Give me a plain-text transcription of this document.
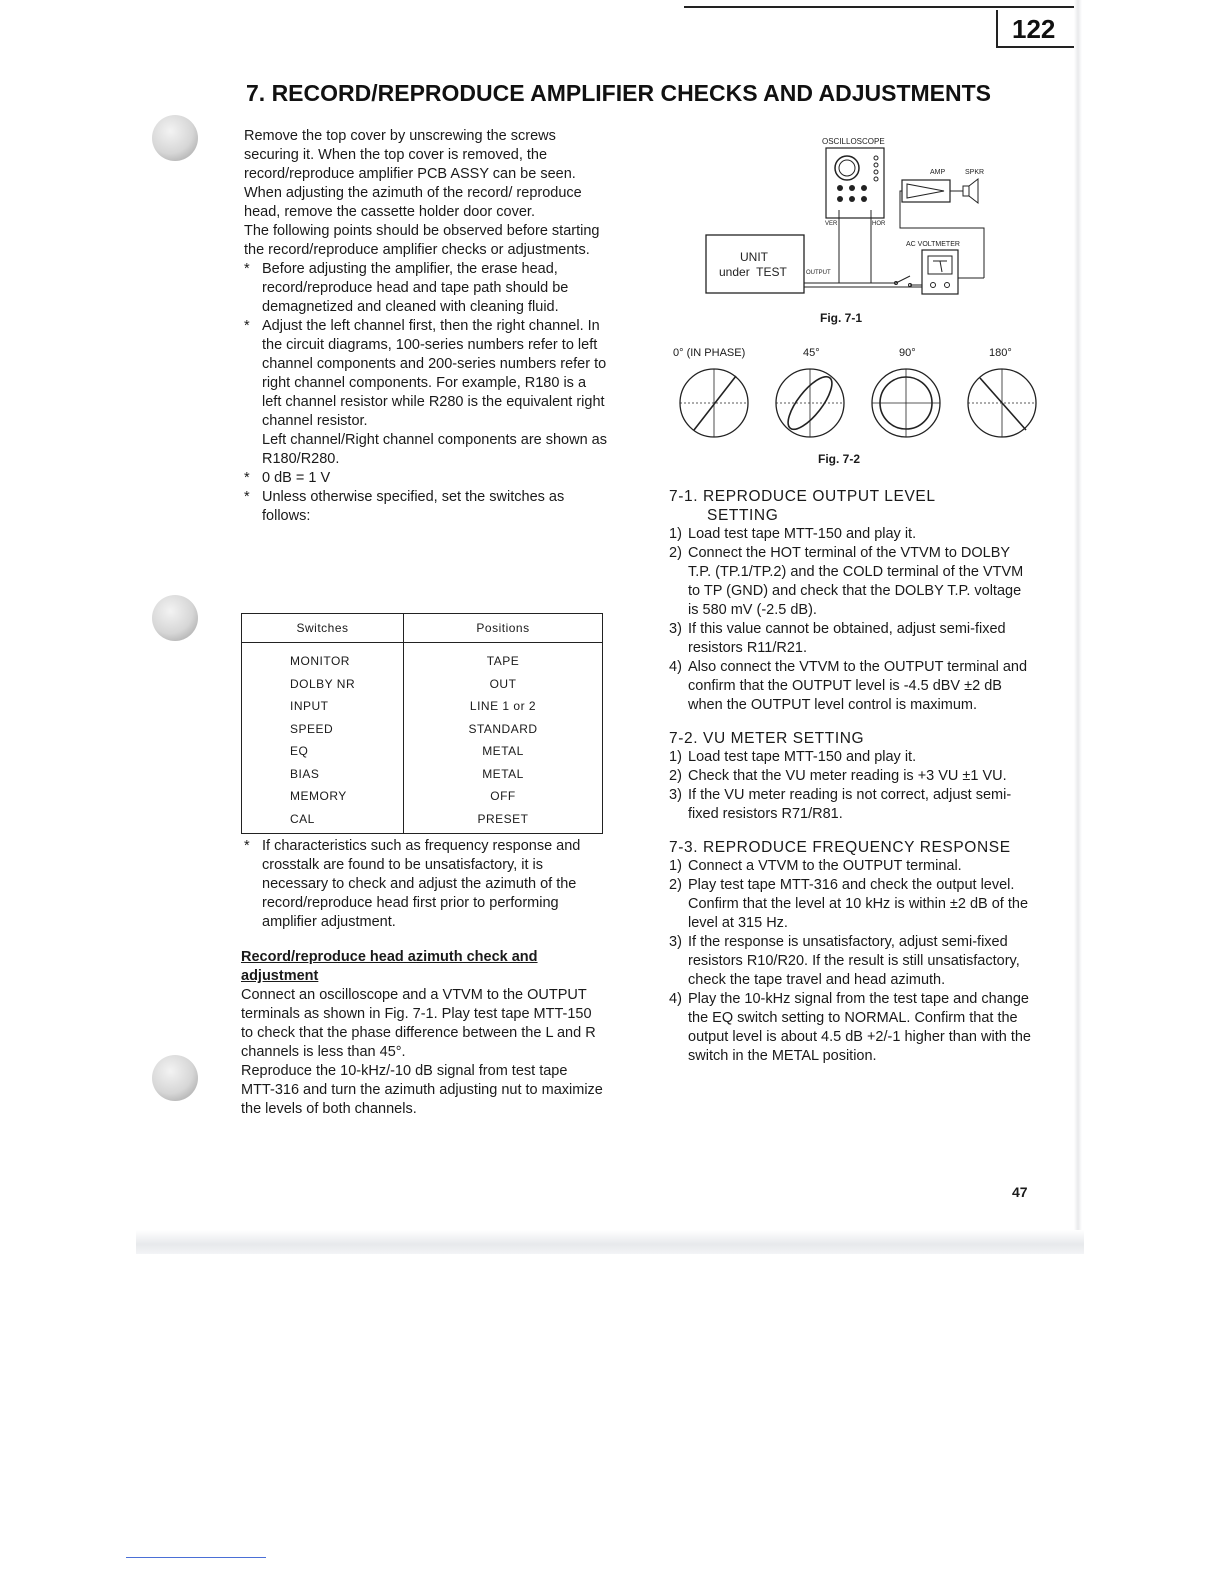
122
7. RECORD/REPRODUCE AMPLIFIER CHECKS AND ADJUSTMENTS

Remove the top cover by unscrewing the screws securing it. When the top cover is removed, the record/reproduce amplifier PCB ASSY can be seen. When adjusting the azimuth of the record/ reproduce head, remove the cassette holder door cover.

The following points should be observed before starting the record/reproduce amplifier checks or adjustments.

* Before adjusting the amplifier, the erase head, record/reproduce head and tape path should be demagnetized and cleaned with cleaning fluid.
* Adjust the left channel first, then the right channel. In the circuit diagrams, 100-series numbers refer to left channel components and 200-series numbers refer to right channel components. For example, R180 is a left channel resistor while R280 is the equivalent right channel resistor.
Left channel/Right channel components are shown as R180/R280.
* 0 dB = 1 V
* Unless otherwise specified, set the switches as follows:
Switches	Positions
MONITOR	TAPE
DOLBY NR	OUT
INPUT	LINE 1 or 2
SPEED	STANDARD
EQ	METAL
BIAS	METAL
MEMORY	OFF
CAL	PRESET
* If characteristics such as frequency response and crosstalk are found to be unsatisfactory, it is necessary to check and adjust the azimuth of the record/reproduce head first prior to performing amplifier adjustment.

Record/reproduce head azimuth check and adjustment

Connect an oscilloscope and a VTVM to the OUTPUT terminals as shown in Fig. 7-1. Play test tape MTT-150 to check that the phase difference between the L and R channels is less than 45°.

Reproduce the 10-kHz/-10 dB signal from test tape MTT-316 and turn the azimuth adjusting nut to maximize the levels of both channels.

OSCILLOSCOPE
VER	HOR
AMP	SPKR
AC VOLTMETER
UNIT
under  TEST	OUTPUT
Fig. 7-1
0° (IN PHASE)	45°	90°	180°
Fig. 7-2
7-1. REPRODUCE OUTPUT LEVEL
SETTING
1) Load test tape MTT-150 and play it.
2) Connect the HOT terminal of the VTVM to DOLBY T.P. (TP.1/TP.2) and the COLD terminal of the VTVM to TP (GND) and check that the DOLBY T.P. voltage is 580 mV (-2.5 dB).
3) If this value cannot be obtained, adjust semi-fixed resistors R11/R21.
4) Also connect the VTVM to the OUTPUT terminal and confirm that the OUTPUT level is -4.5 dBV ±2 dB when the OUTPUT level control is maximum.
7-2. VU METER SETTING
1) Load test tape MTT-150 and play it.
2) Check that the VU meter reading is +3 VU ±1 VU.
3) If the VU meter reading is not correct, adjust semi-fixed resistors R71/R81.
7-3. REPRODUCE FREQUENCY RESPONSE
1) Connect a VTVM to the OUTPUT terminal.
2) Play test tape MTT-316 and check the output level. Confirm that the level at 10 kHz is within ±2 dB of the level at 315 Hz.
3) If the response is unsatisfactory, adjust semi-fixed resistors R10/R20. If the result is still unsatisfactory, check the tape travel and head azimuth.
4) Play the 10-kHz signal from the test tape and change the EQ switch setting to NORMAL. Confirm that the output level is about 4.5 dB +2/-1 higher than with the switch in the METAL position.
47
